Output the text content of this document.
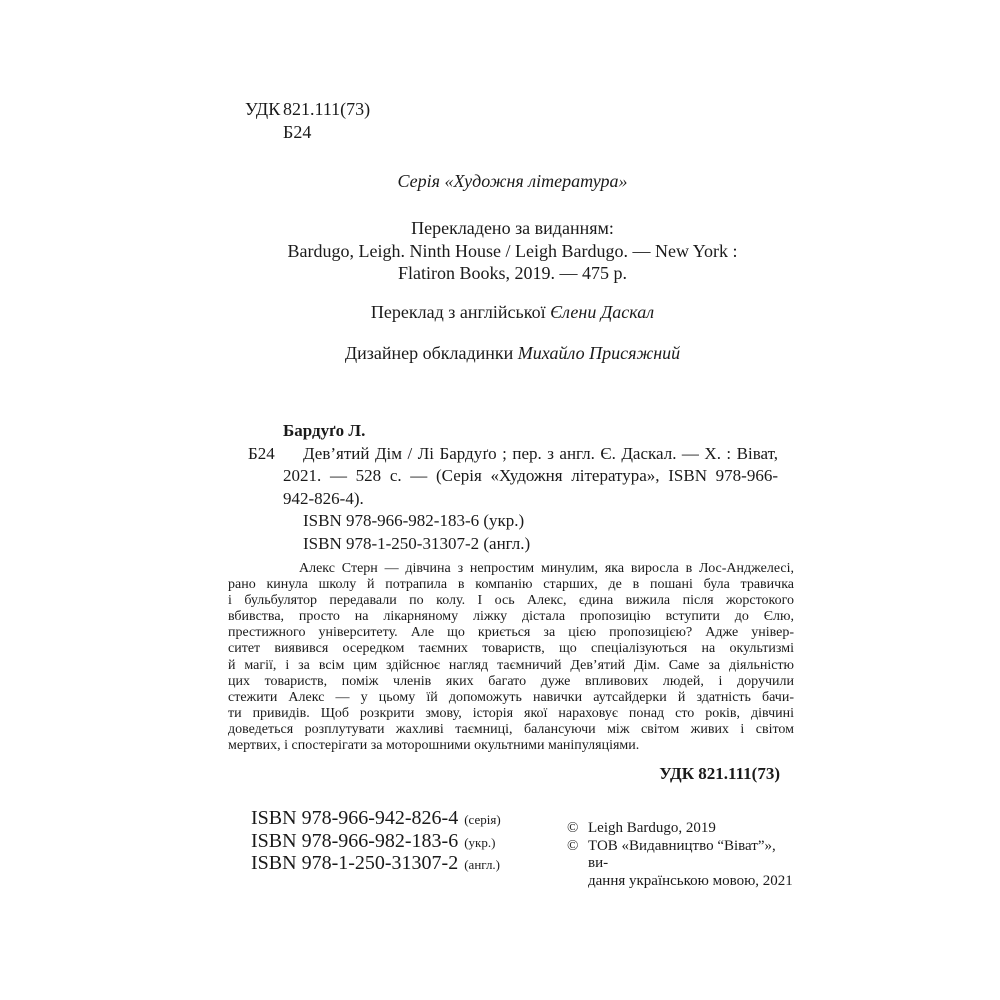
УДК 821.111(73)
Б24
Серія «Художня література»
Перекладено за виданням:
Bardugo, Leigh. Ninth House / Leigh Bardugo. — New York :
Flatiron Books, 2019. — 475 p.
Переклад з англійської Єлени Даскал
Дизайнер обкладинки Михайло Присяжний
Бардуґо Л.
Б24	Дев’ятий Дім / Лі Бардуґо ; пер. з англ. Є. Даскал. — Х. : Віват,
2021. — 528 с. — (Серія «Художня література», ISBN 978-966-
942-826-4).
ISBN 978-966-982-183-6 (укр.)
ISBN 978-1-250-31307-2 (англ.)
Алекс Стерн — дівчина з непростим минулим, яка виросла в Лос-Анджелесі,
рано кинула школу й потрапила в компанію старших, де в пошані була травичка
і бульбулятор передавали по колу. І ось Алекс, єдина вижила після жорстокого
вбивства, просто на лікарняному ліжку дістала пропозицію вступити до Єлю,
престижного університету. Але що криється за цією пропозицією? Адже універ-
ситет виявився осередком таємних товариств, що спеціалізуються на окультизмі
й магії, і за всім цим здійснює нагляд таємничий Дев’ятий Дім. Саме за діяльністю
цих товариств, поміж членів яких багато дуже впливових людей, і доручили
стежити Алекс — у цьому їй допоможуть навички аутсайдерки й здатність бачи-
ти привидів. Щоб розкрити змову, історія якої нараховує понад сто років, дівчині
доведеться розплутувати жахливі таємниці, балансуючи між світом живих і світом
мертвих, і спостерігати за моторошними окультними маніпуляціями.
УДК 821.111(73)
ISBN 978-966-942-826-4 (серія)
ISBN 978-966-982-183-6 (укр.)
ISBN 978-1-250-31307-2 (англ.)
© Leigh Bardugo, 2019
© ТОВ «Видавництво “Віват”», ви-
дання українською мовою, 2021
